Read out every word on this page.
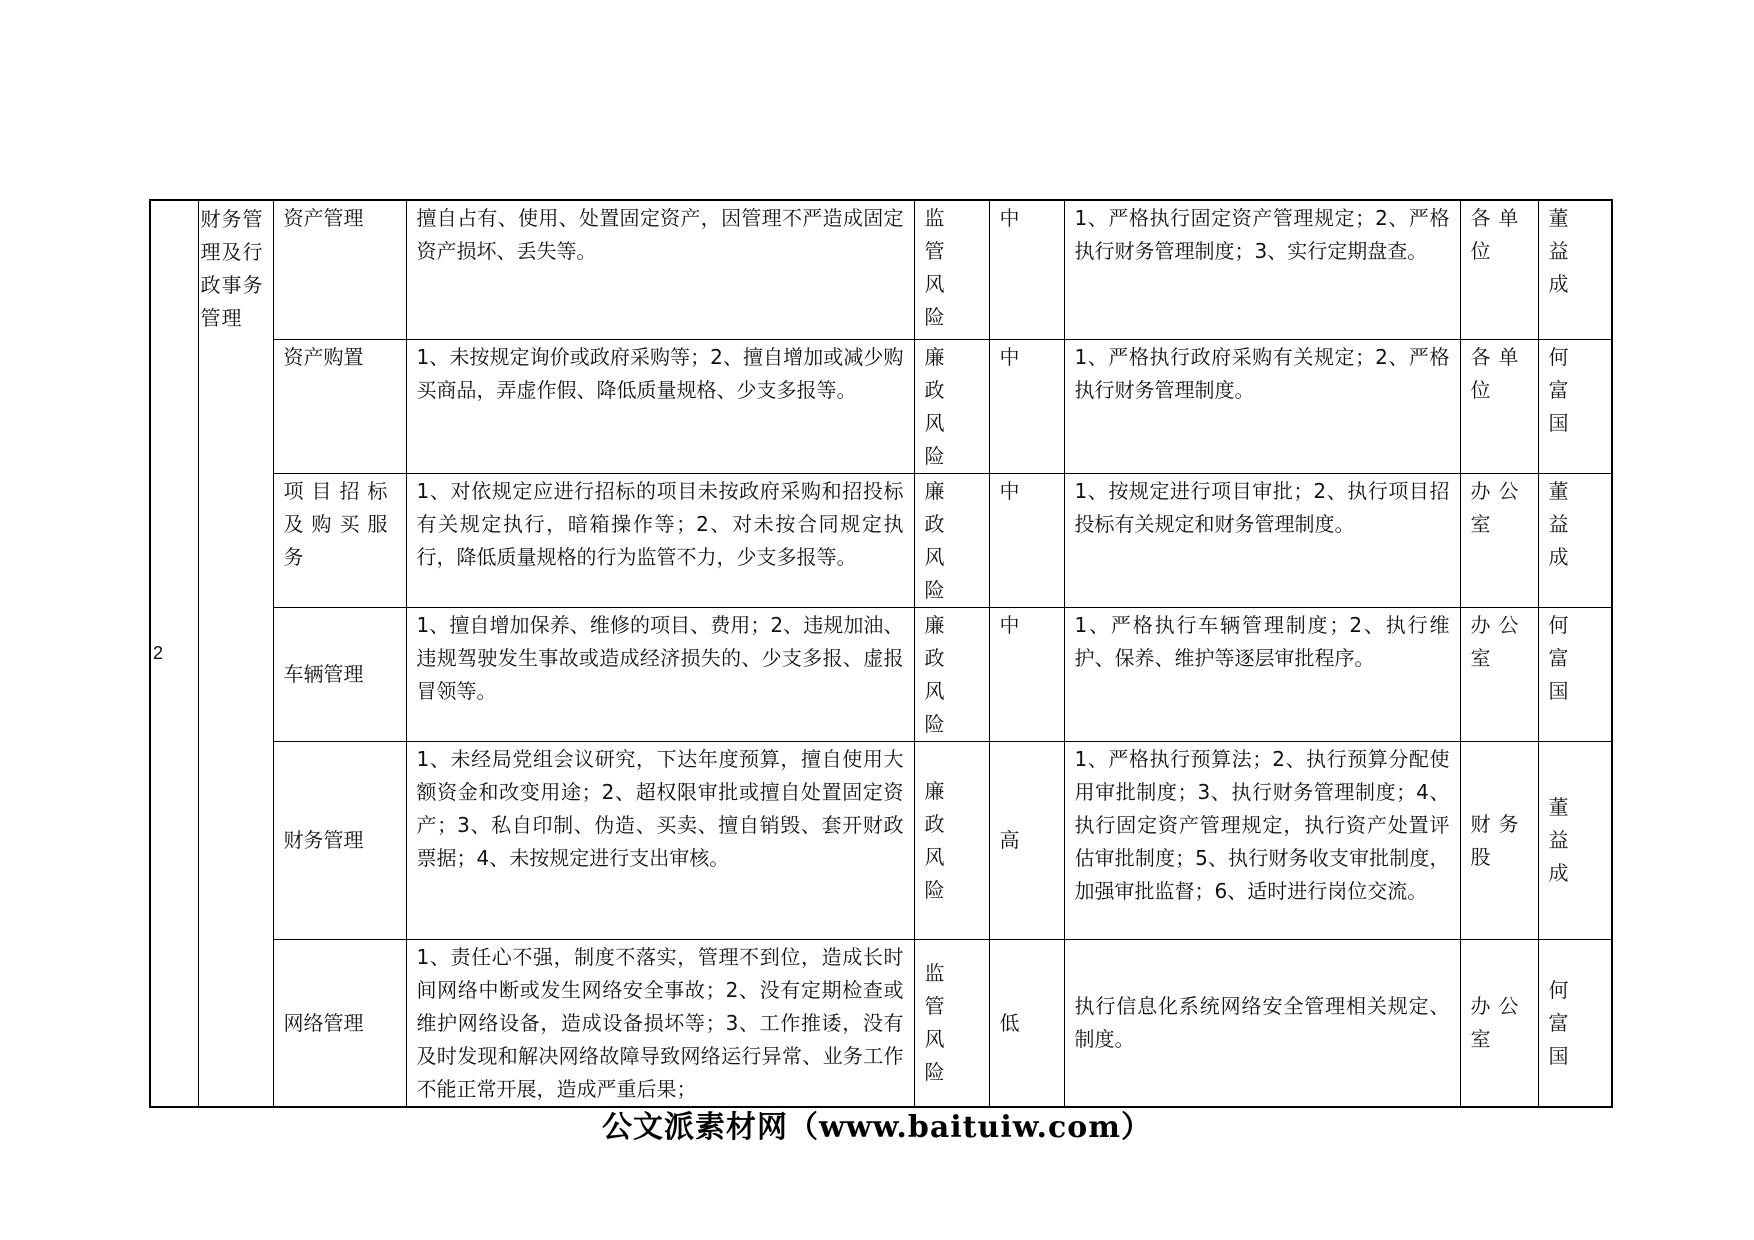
2	财务管理及行政事务管理	资产管理	擅自占有、使用、处置固定资产，因管理不严造成固定资产损坏、丢失等。	监管风险	中	1、严格执行固定资产管理规定；2、严格执行财务管理制度；3、实行定期盘查。	各单位	董益成
		资产购置	1、未按规定询价或政府采购等；2、擅自增加或减少购买商品，弄虚作假、降低质量规格、少支多报等。	廉政风险	中	1、严格执行政府采购有关规定；2、严格执行财务管理制度。	各单位	何富国
		项目招标及购买服务	1、对依规定应进行招标的项目未按政府采购和招投标有关规定执行，暗箱操作等；2、对未按合同规定执行，降低质量规格的行为监管不力，少支多报等。	廉政风险	中	1、按规定进行项目审批；2、执行项目招投标有关规定和财务管理制度。	办公室	董益成
		车辆管理	1、擅自增加保养、维修的项目、费用；2、违规加油、违规驾驶发生事故或造成经济损失的、少支多报、虚报冒领等。	廉政风险	中	1、严格执行车辆管理制度；2、执行维护、保养、维护等逐层审批程序。	办公室	何富国
		财务管理	1、未经局党组会议研究，下达年度预算，擅自使用大额资金和改变用途；2、超权限审批或擅自处置固定资产；3、私自印制、伪造、买卖、擅自销毁、套开财政票据；4、未按规定进行支出审核。	廉政风险	高	1、严格执行预算法；2、执行预算分配使用审批制度；3、执行财务管理制度；4、执行固定资产管理规定，执行资产处置评估审批制度；5、执行财务收支审批制度，加强审批监督；6、适时进行岗位交流。	财务股	董益成
		网络管理	1、责任心不强，制度不落实，管理不到位，造成长时间网络中断或发生网络安全事故；2、没有定期检查或维护网络设备，造成设备损坏等；3、工作推诿，没有及时发现和解决网络故障导致网络运行异常、业务工作不能正常开展，造成严重后果；	监管风险	低	执行信息化系统网络安全管理相关规定、制度。	办公室	何富国
公文派素材网（www.baituiw.com）
